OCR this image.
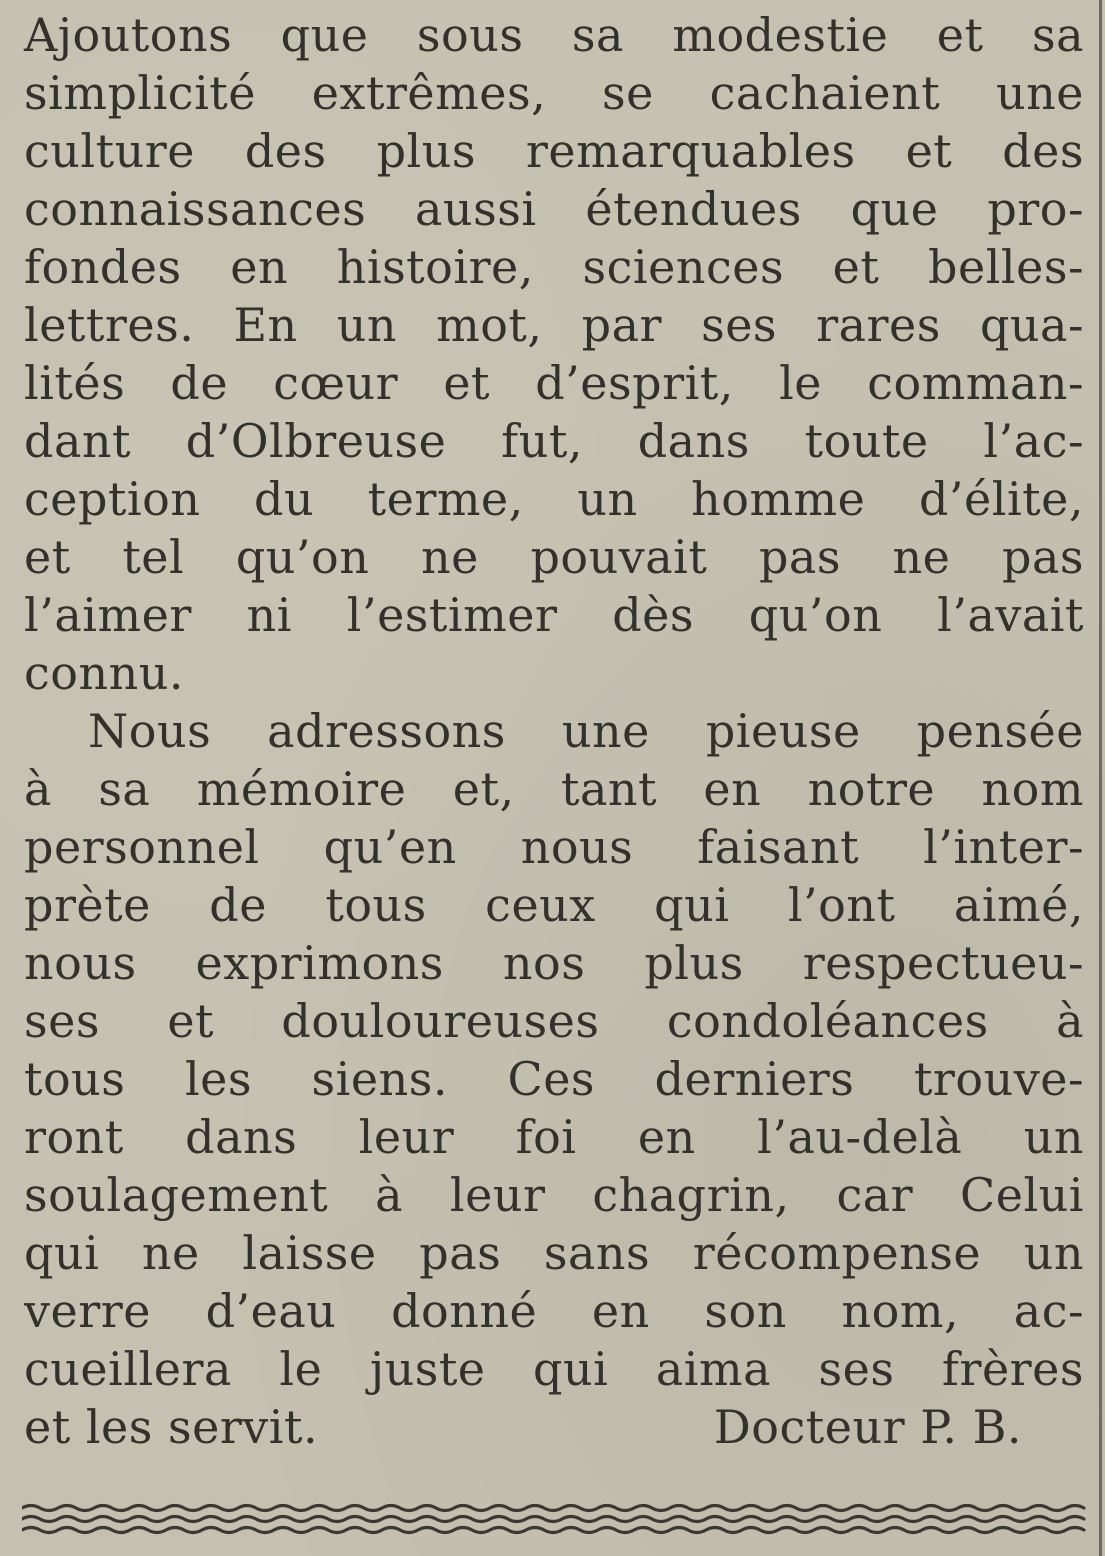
Ajoutons que sous sa modestie et sa
simplicité extrêmes, se cachaient une
culture des plus remarquables et des
connaissances aussi étendues que pro-
fondes en histoire, sciences et belles-
lettres. En un mot, par ses rares qua-
lités de cœur et d’esprit, le comman-
dant d’Olbreuse fut, dans toute l’ac-
ception du terme, un homme d’élite,
et tel qu’on ne pouvait pas ne pas
l’aimer ni l’estimer dès qu’on l’avait
connu.
Nous adressons une pieuse pensée
à sa mémoire et, tant en notre nom
personnel qu’en nous faisant l’inter-
prète de tous ceux qui l’ont aimé,
nous exprimons nos plus respectueu-
ses et douloureuses condoléances à
tous les siens. Ces derniers trouve-
ront dans leur foi en l’au-delà un
soulagement à leur chagrin, car Celui
qui ne laisse pas sans récompense un
verre d’eau donné en son nom, ac-
cueillera le juste qui aima ses frères
et les servit.	Docteur P. B.
